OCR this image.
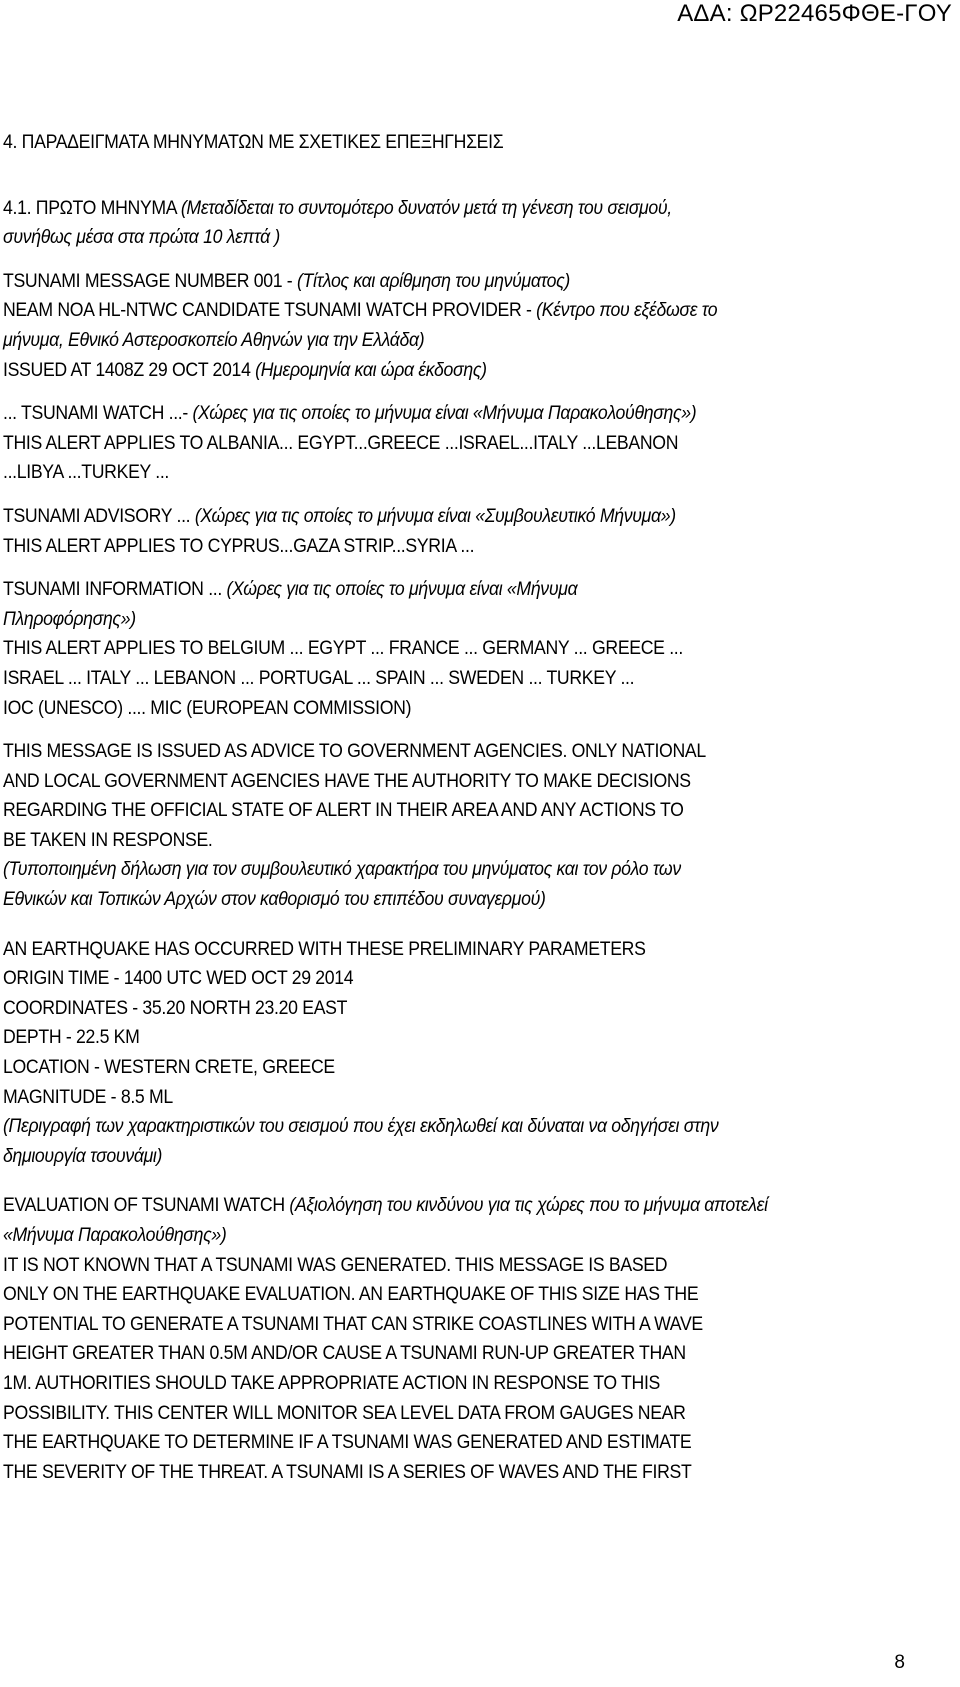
ΑΔΑ: ΩΡ22465ΦΘΕ-ΓΟΥ
4. ΠΑΡΑΔΕΙΓΜΑΤΑ ΜΗΝΥΜΑΤΩΝ ΜΕ ΣΧΕΤΙΚΕΣ ΕΠΕΞΗΓΗΣΕΙΣ
4.1. ΠΡΩΤΟ ΜΗΝΥΜΑ (Μεταδίδεται το συντομότερο δυνατόν μετά τη γένεση του σεισμού,
συνήθως μέσα στα πρώτα 10 λεπτά )
TSUNAMI MESSAGE NUMBER 001 - (Τίτλος και αρίθμηση του μηνύματος)
NEAM NOA HL-NTWC CANDIDATE TSUNAMI WATCH PROVIDER - (Κέντρο που εξέδωσε το
μήνυμα, Εθνικό Αστεροσκοπείο Αθηνών για την Ελλάδα)
ISSUED AT 1408Z 29 OCT 2014 (Ημερομηνία και ώρα έκδοσης)
... TSUNAMI WATCH ...- (Χώρες για τις οποίες το μήνυμα είναι «Μήνυμα Παρακολούθησης»)
THIS ALERT APPLIES TO ALBANIA... EGYPT...GREECE ...ISRAEL...ITALY ...LEBANON
...LIBYA ...TURKEY ...
TSUNAMI ADVISORY ... (Χώρες για τις οποίες το μήνυμα είναι «Συμβουλευτικό Μήνυμα»)
THIS ALERT APPLIES TO CYPRUS...GAZA STRIP...SYRIA ...
TSUNAMI INFORMATION ... (Χώρες για τις οποίες το μήνυμα είναι «Μήνυμα
Πληροφόρησης»)
THIS ALERT APPLIES TO BELGIUM ... EGYPT ... FRANCE ... GERMANY ... GREECE ...
ISRAEL ... ITALY ... LEBANON ... PORTUGAL ... SPAIN ... SWEDEN ... TURKEY ...
IOC (UNESCO) .... MIC (EUROPEAN COMMISSION)
THIS MESSAGE IS ISSUED AS ADVICE TO GOVERNMENT AGENCIES. ONLY NATIONAL
AND LOCAL GOVERNMENT AGENCIES HAVE THE AUTHORITY TO MAKE DECISIONS
REGARDING THE OFFICIAL STATE OF ALERT IN THEIR AREA AND ANY ACTIONS TO
BE TAKEN IN RESPONSE.
(Τυποποιημένη δήλωση για τον συμβουλευτικό χαρακτήρα του μηνύματος και τον ρόλο των
Εθνικών και Τοπικών Αρχών στον καθορισμό του επιπέδου συναγερμού)
AN EARTHQUAKE HAS OCCURRED WITH THESE PRELIMINARY PARAMETERS
ORIGIN TIME - 1400 UTC WED OCT 29 2014
COORDINATES - 35.20 NORTH 23.20 EAST
DEPTH - 22.5 KM
LOCATION - WESTERN CRETE, GREECE
MAGNITUDE - 8.5 ML
(Περιγραφή των χαρακτηριστικών του σεισμού που έχει εκδηλωθεί και δύναται να οδηγήσει στην
δημιουργία τσουνάμι)
EVALUATION OF TSUNAMI WATCH (Αξιολόγηση του κινδύνου για τις χώρες που το μήνυμα αποτελεί
«Μήνυμα Παρακολούθησης»)
IT IS NOT KNOWN THAT A TSUNAMI WAS GENERATED. THIS MESSAGE IS BASED
ONLY ON THE EARTHQUAKE EVALUATION. AN EARTHQUAKE OF THIS SIZE HAS THE
POTENTIAL TO GENERATE A TSUNAMI THAT CAN STRIKE COASTLINES WITH A WAVE
HEIGHT GREATER THAN 0.5M AND/OR CAUSE A TSUNAMI RUN-UP GREATER THAN
1M. AUTHORITIES SHOULD TAKE APPROPRIATE ACTION IN RESPONSE TO THIS
POSSIBILITY. THIS CENTER WILL MONITOR SEA LEVEL DATA FROM GAUGES NEAR
THE EARTHQUAKE TO DETERMINE IF A TSUNAMI WAS GENERATED AND ESTIMATE
THE SEVERITY OF THE THREAT. A TSUNAMI IS A SERIES OF WAVES AND THE FIRST
8
